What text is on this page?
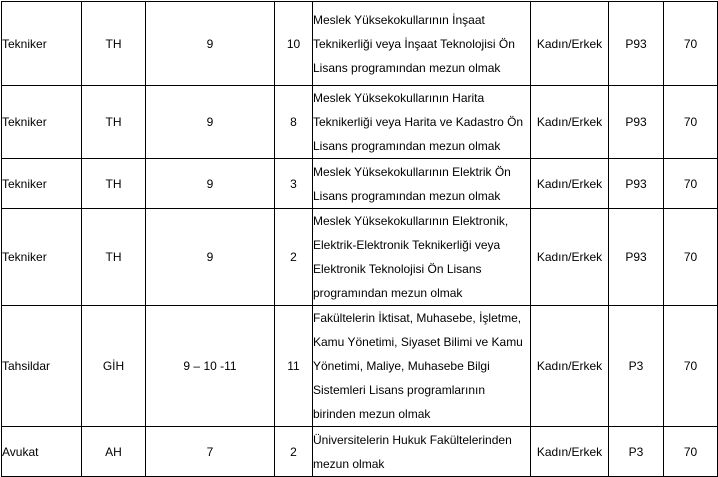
Tekniker	TH	9	10	Meslek Yüksekokullarının İnşaat
Teknikerliği veya İnşaat Teknolojisi Ön
Lisans programından mezun olmak	Kadın/Erkek	P93	70
Tekniker	TH	9	8	Meslek Yüksekokullarının Harita
Teknikerliği veya Harita ve Kadastro Ön
Lisans programından mezun olmak	Kadın/Erkek	P93	70
Tekniker	TH	9	3	Meslek Yüksekokullarının Elektrik Ön
Lisans programından mezun olmak	Kadın/Erkek	P93	70
Tekniker	TH	9	2	Meslek Yüksekokullarının Elektronik,
Elektrik-Elektronik Teknikerliği veya
Elektronik Teknolojisi Ön Lisans
programından mezun olmak	Kadın/Erkek	P93	70
Tahsildar	GİH	9 – 10 -11	11	Fakültelerin İktisat, Muhasebe, İşletme,
Kamu Yönetimi, Siyaset Bilimi ve Kamu
Yönetimi, Maliye, Muhasebe Bilgi
Sistemleri Lisans programlarının
birinden mezun olmak	Kadın/Erkek	P3	70
Avukat	AH	7	2	Üniversitelerin Hukuk Fakültelerinden
mezun olmak	Kadın/Erkek	P3	70
